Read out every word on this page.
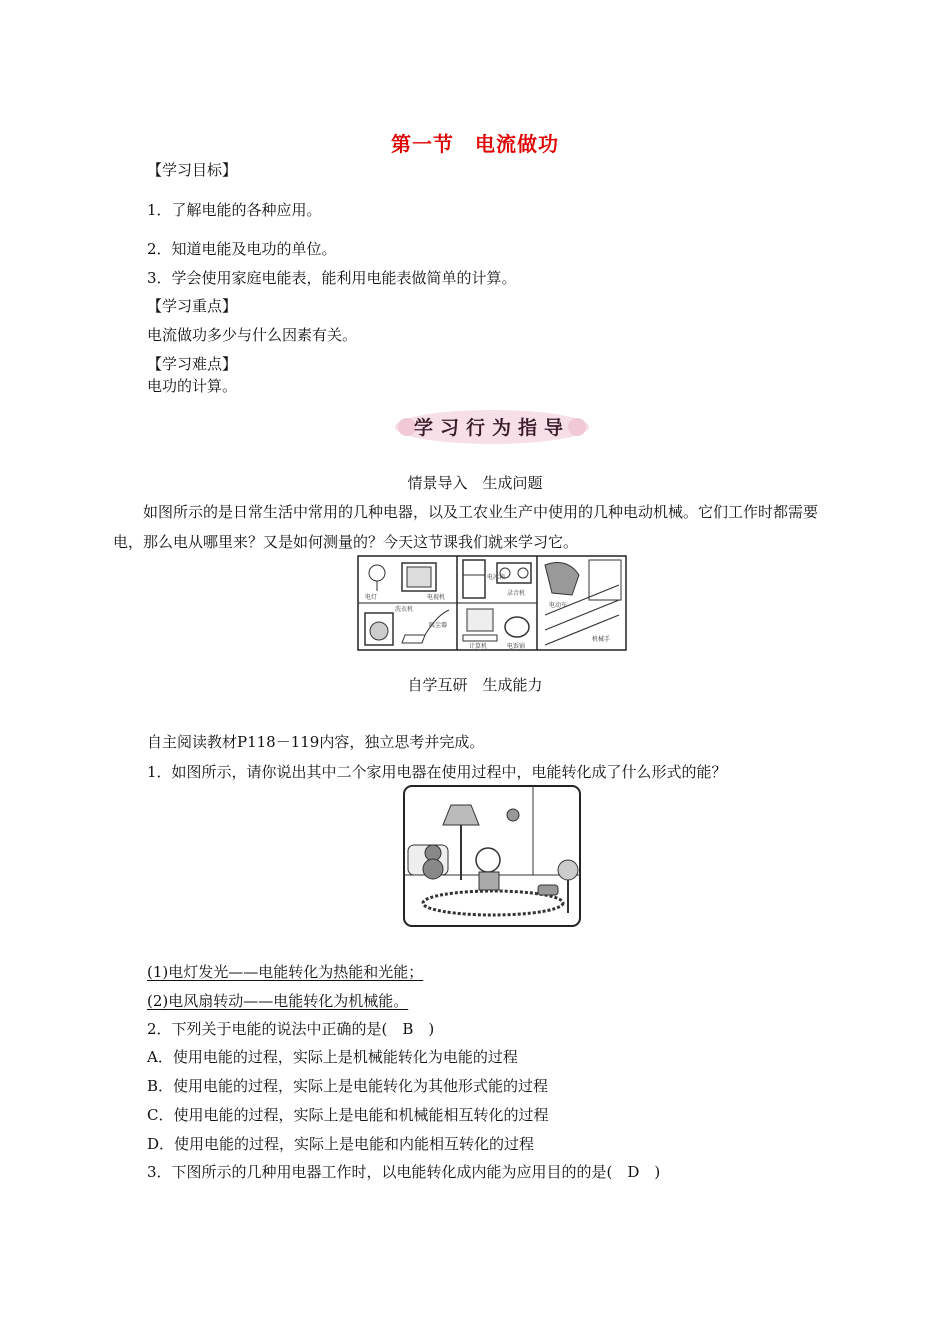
第一节　电流做功
【学习目标】
1．了解电能的各种应用。
2．知道电能及电功的单位。
3．学会使用家庭电能表，能利用电能表做简单的计算。
【学习重点】
电流做功多少与什么因素有关。
【学习难点】
电功的计算。
学习行为指导
情景导入　生成问题
如图所示的是日常生活中常用的几种电器，以及工农业生产中使用的几种电动机械。它们工作时都需要电，那么电从哪里来？又是如何测量的？今天这节课我们就来学习它。
电灯	电视机
洗衣机
吸尘器
电冰箱
录音机
计算机	电饭锅
电动车
机械手
自学互研　生成能力
自主阅读教材P118－119内容，独立思考并完成。
1．如图所示，请你说出其中二个家用电器在使用过程中，电能转化成了什么形式的能？
(1)电灯发光——电能转化为热能和光能；
(2)电风扇转动——电能转化为机械能。
2．下列关于电能的说法中正确的是(　B　)
A．使用电能的过程，实际上是机械能转化为电能的过程
B．使用电能的过程，实际上是电能转化为其他形式能的过程
C．使用电能的过程，实际上是电能和机械能相互转化的过程
D．使用电能的过程，实际上是电能和内能相互转化的过程
3．下图所示的几种用电器工作时，以电能转化成内能为应用目的的是(　D　)
